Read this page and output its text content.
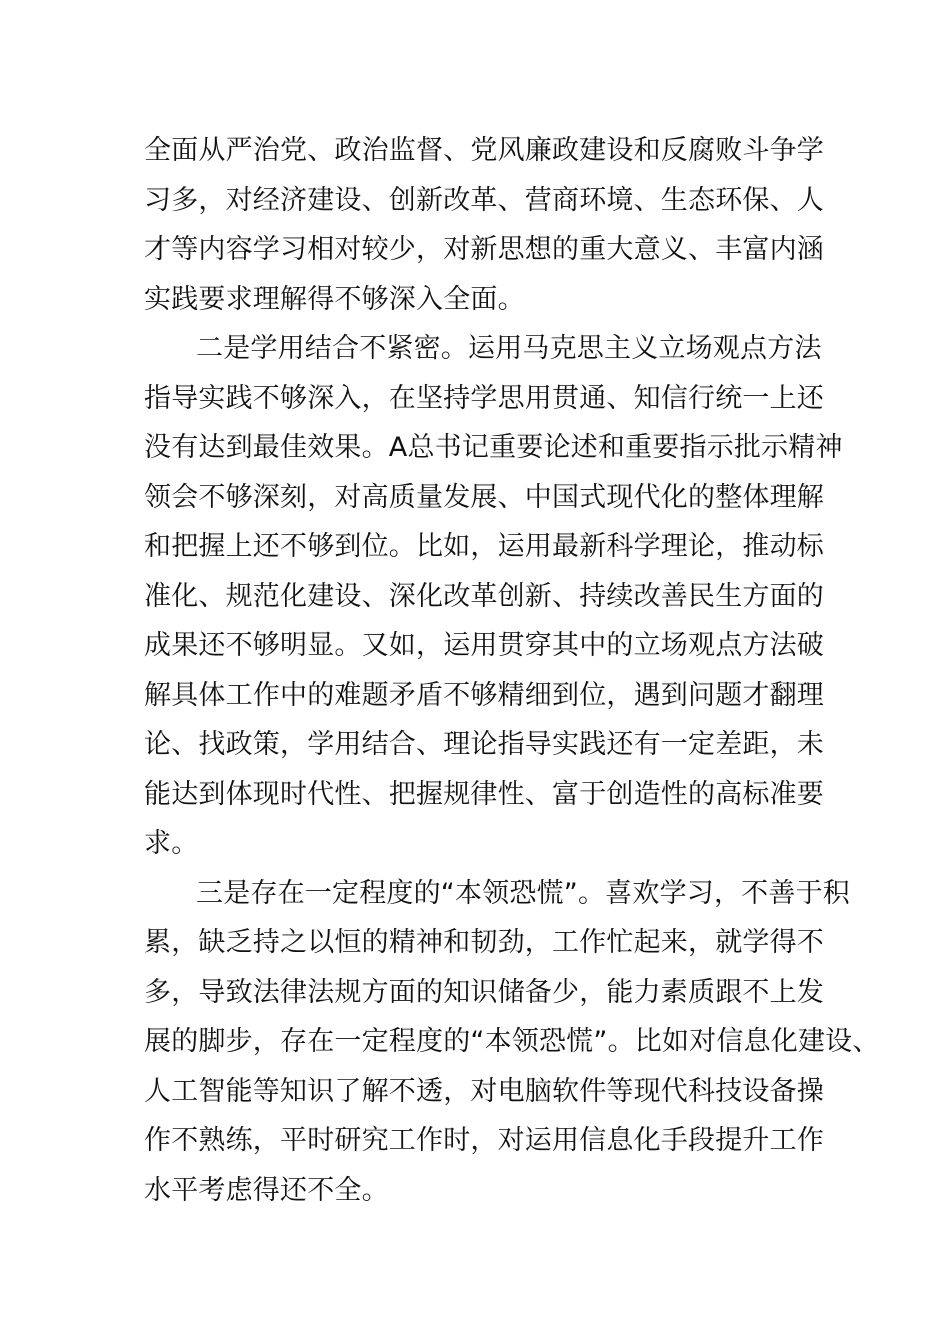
全面从严治党、政治监督、党风廉政建设和反腐败斗争学
习多，对经济建设、创新改革、营商环境、生态环保、人
才等内容学习相对较少，对新思想的重大意义、丰富内涵
实践要求理解得不够深入全面。
二是学用结合不紧密。运用马克思主义立场观点方法
指导实践不够深入，在坚持学思用贯通、知信行统一上还
没有达到最佳效果。A总书记重要论述和重要指示批示精神
领会不够深刻，对高质量发展、中国式现代化的整体理解
和把握上还不够到位。比如，运用最新科学理论，推动标
准化、规范化建设、深化改革创新、持续改善民生方面的
成果还不够明显。又如，运用贯穿其中的立场观点方法破
解具体工作中的难题矛盾不够精细到位，遇到问题才翻理
论、找政策，学用结合、理论指导实践还有一定差距，未
能达到体现时代性、把握规律性、富于创造性的高标准要
求。
三是存在一定程度的“本领恐慌”。喜欢学习，不善于积
累，缺乏持之以恒的精神和韧劲，工作忙起来，就学得不
多，导致法律法规方面的知识储备少，能力素质跟不上发
展的脚步，存在一定程度的“本领恐慌”。比如对信息化建设、
人工智能等知识了解不透，对电脑软件等现代科技设备操
作不熟练，平时研究工作时，对运用信息化手段提升工作
水平考虑得还不全。
